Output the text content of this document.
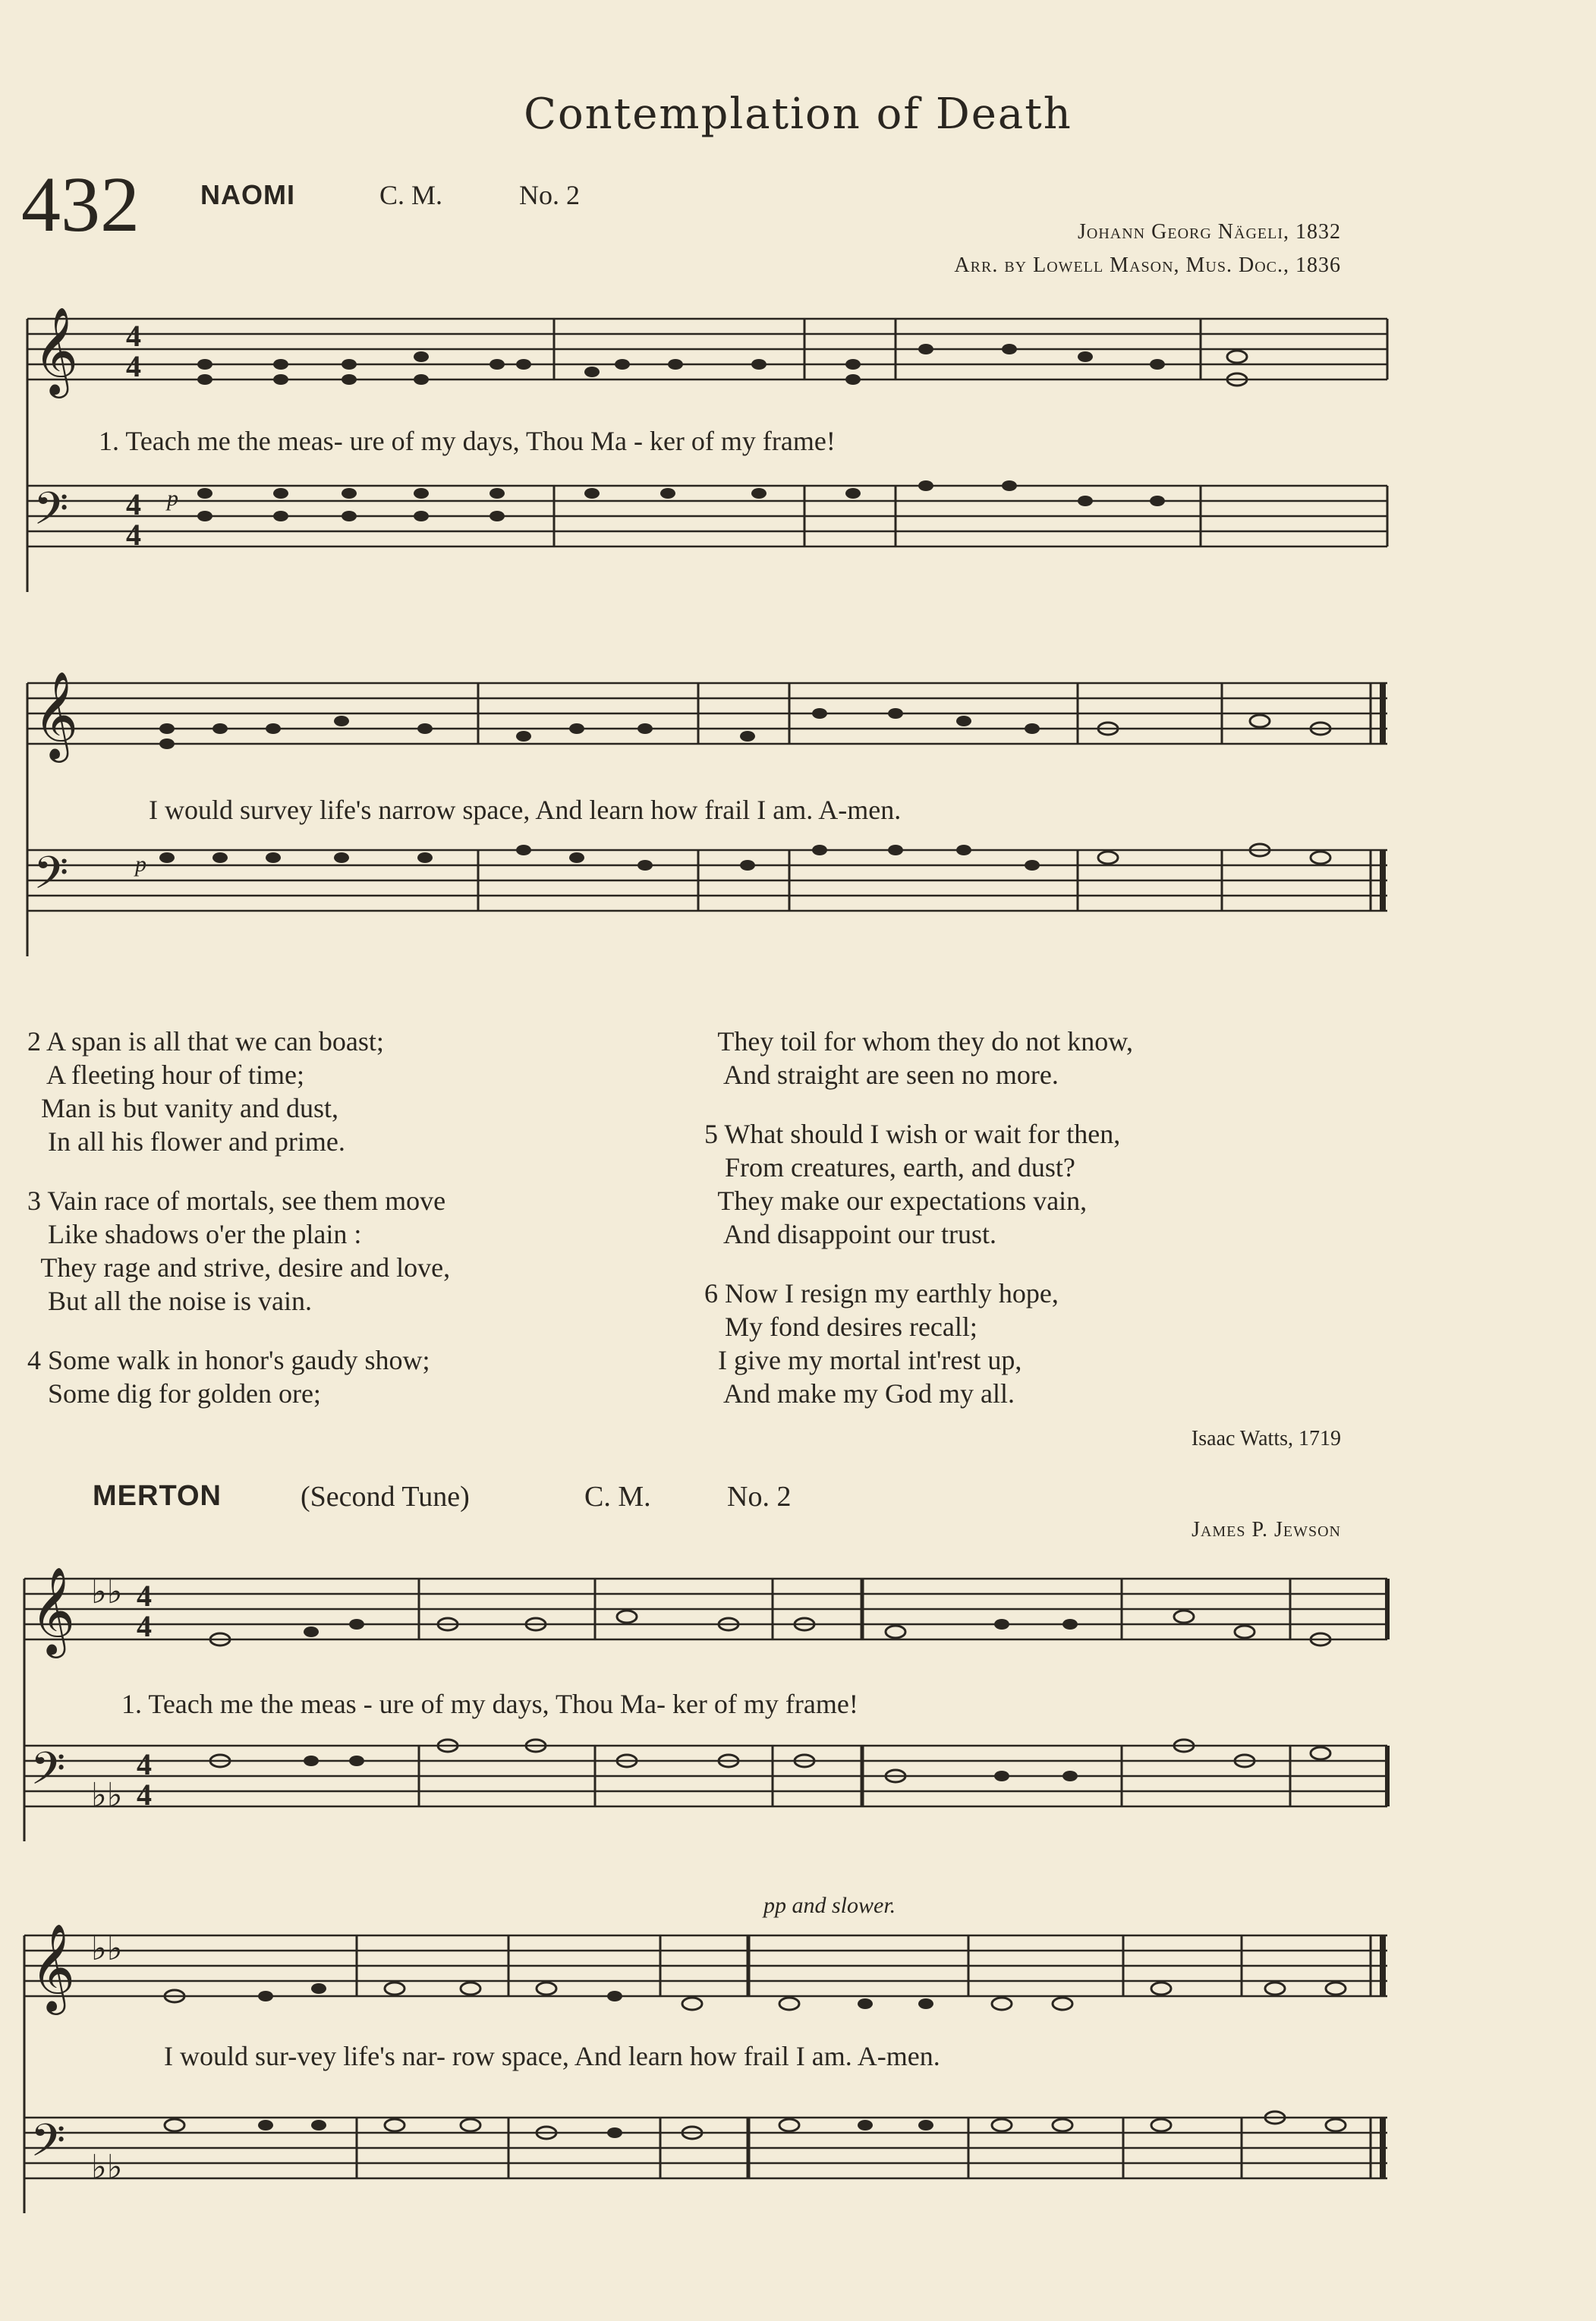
Contemplation of Death
432 NAOMI	C. M.	No. 2
Johann Georg Nägeli, 1832
Arr. by Lowell Mason, Mus. Doc., 1836
𝄞 4
4
𝄢 4
4
p
1. Teach me the meas- ure of my days, Thou Ma - ker of my frame!
𝄞
𝄢	p
I would survey life's narrow space, And learn how frail I am. A-men.
2 A span is all that we can boast;
A fleeting hour of time;
Man is but vanity and dust,
In all his flower and prime.
3 Vain race of mortals, see them move
Like shadows o'er the plain :
They rage and strive, desire and love,
But all the noise is vain.
4 Some walk in honor's gaudy show;
Some dig for golden ore;
They toil for whom they do not know,
And straight are seen no more.
5 What should I wish or wait for then,
From creatures, earth, and dust?
They make our expectations vain,
And disappoint our trust.
6 Now I resign my earthly hope,
My fond desires recall;
I give my mortal int'rest up,
And make my God my all.
Isaac Watts, 1719
MERTON	(Second Tune)	C. M.	No. 2
James P. Jewson
𝄞 ♭♭ 4
4
𝄢 ♭♭
4
4
1. Teach me the meas - ure of my days, Thou Ma- ker of my frame!
pp and slower.
𝄞 ♭♭
𝄢 ♭♭
I would sur-vey life's nar- row space, And learn how frail I am. A-men.
